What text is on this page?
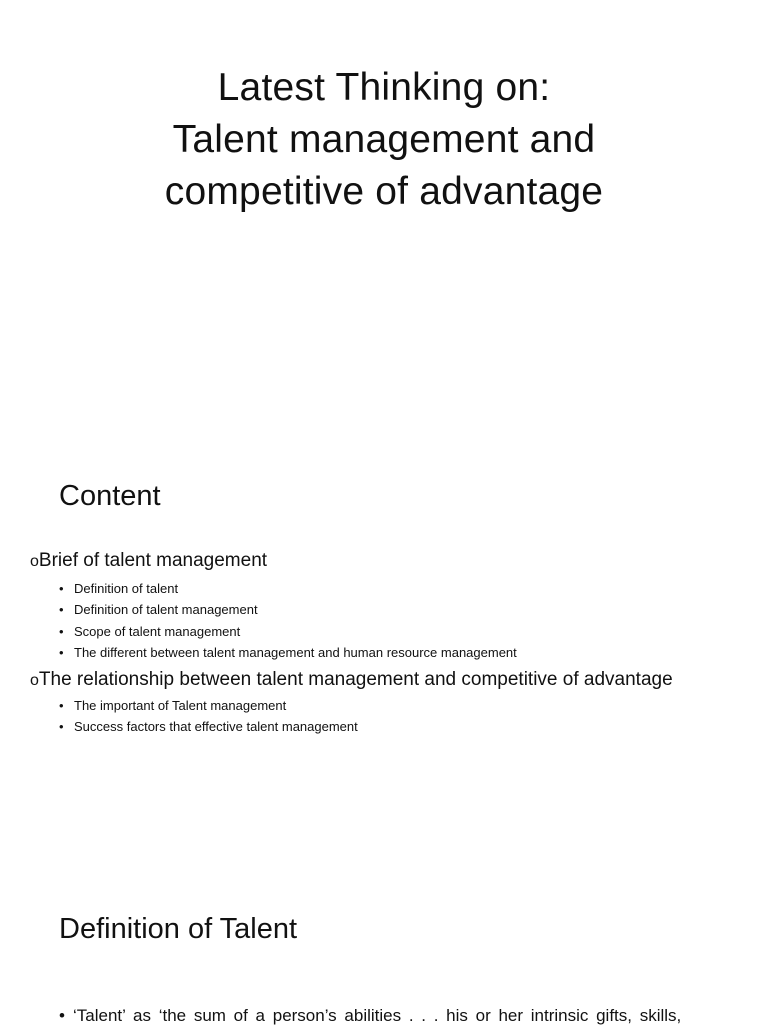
Latest Thinking on:
Talent management and
competitive of advantage
Content
oBrief of talent management
• Definition of talent
• Definition of talent management
• Scope of talent management
• The different between talent management and human resource management
oThe relationship between talent management and competitive of advantage
• The important of Talent management
• Success factors that effective talent management
Definition of Talent
• ‘Talent’ as ‘the sum of a person’s abilities . . . his or her intrinsic gifts, skills,
